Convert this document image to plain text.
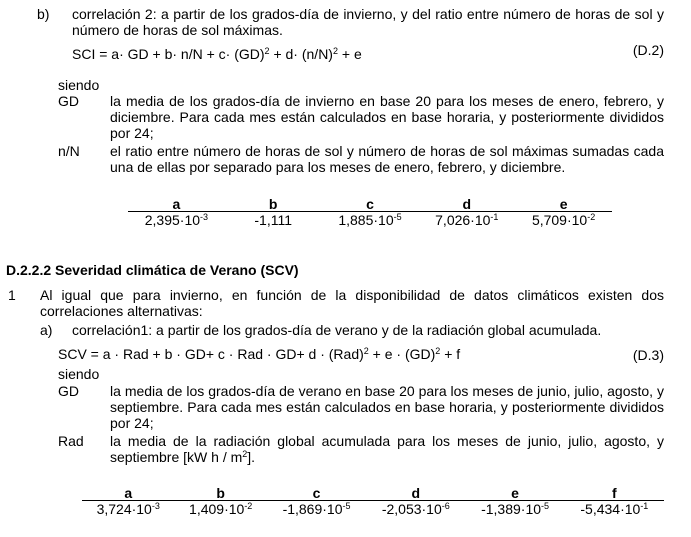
b) correlación 2: a partir de los grados-día de invierno, y del ratio entre número de horas de sol y número de horas de sol máximas.
SCI = a· GD + $b\cdot n/N + c\cdot (GD)^2 + d\cdot (n/N)^2 + e$	(D.2)
siendo
GD la media de los grados-día de invierno en base 20 para los meses de enero, febrero, y diciembre. Para cada mes están calculados en base horaria, y posteriormente divididos por 24;
n/N el ratio entre número de horas de sol y número de horas de sol máximas sumadas cada una de ellas por separado para los meses de enero, febrero, y diciembre.
a	b	c	d	e
$2,395\cdot 10^{-3}$	-1,111	$1,885\cdot 10^{-5}$	$7,026\cdot 10^{-1}$	$5,709\cdot 10^{-2}$
D.2.2.2 Severidad climática de Verano (SCV)
1 Al igual que para invierno, en función de la disponibilidad de datos climáticos existen dos correlaciones alternativas:
a) correlación1: a partir de los grados-día de verano y de la radiación global acumulada.
SCV = a · Rad + b · GD+ c · Rad · GD+ d · (Rad)$^2$ + e · (GD)$^2$ + f	(D.3)
siendo
GD la media de los grados-día de verano en base 20 para los meses de junio, julio, agosto, y septiembre. Para cada mes están calculados en base horaria, y posteriormente divididos por 24;
Rad la media de la radiación global acumulada para los meses de junio, julio, agosto, y septiembre [kW h / $m^2$].
a	b	c	d	e	f
$3,724\cdot 10^{-3}$	$1,409\cdot 10^{-2}$	$-1,869\cdot 10^{-5}$	$-2,053\cdot 10^{-6}$	$-1,389\cdot 10^{-5}$	$-5,434\cdot 10^{-1}$
